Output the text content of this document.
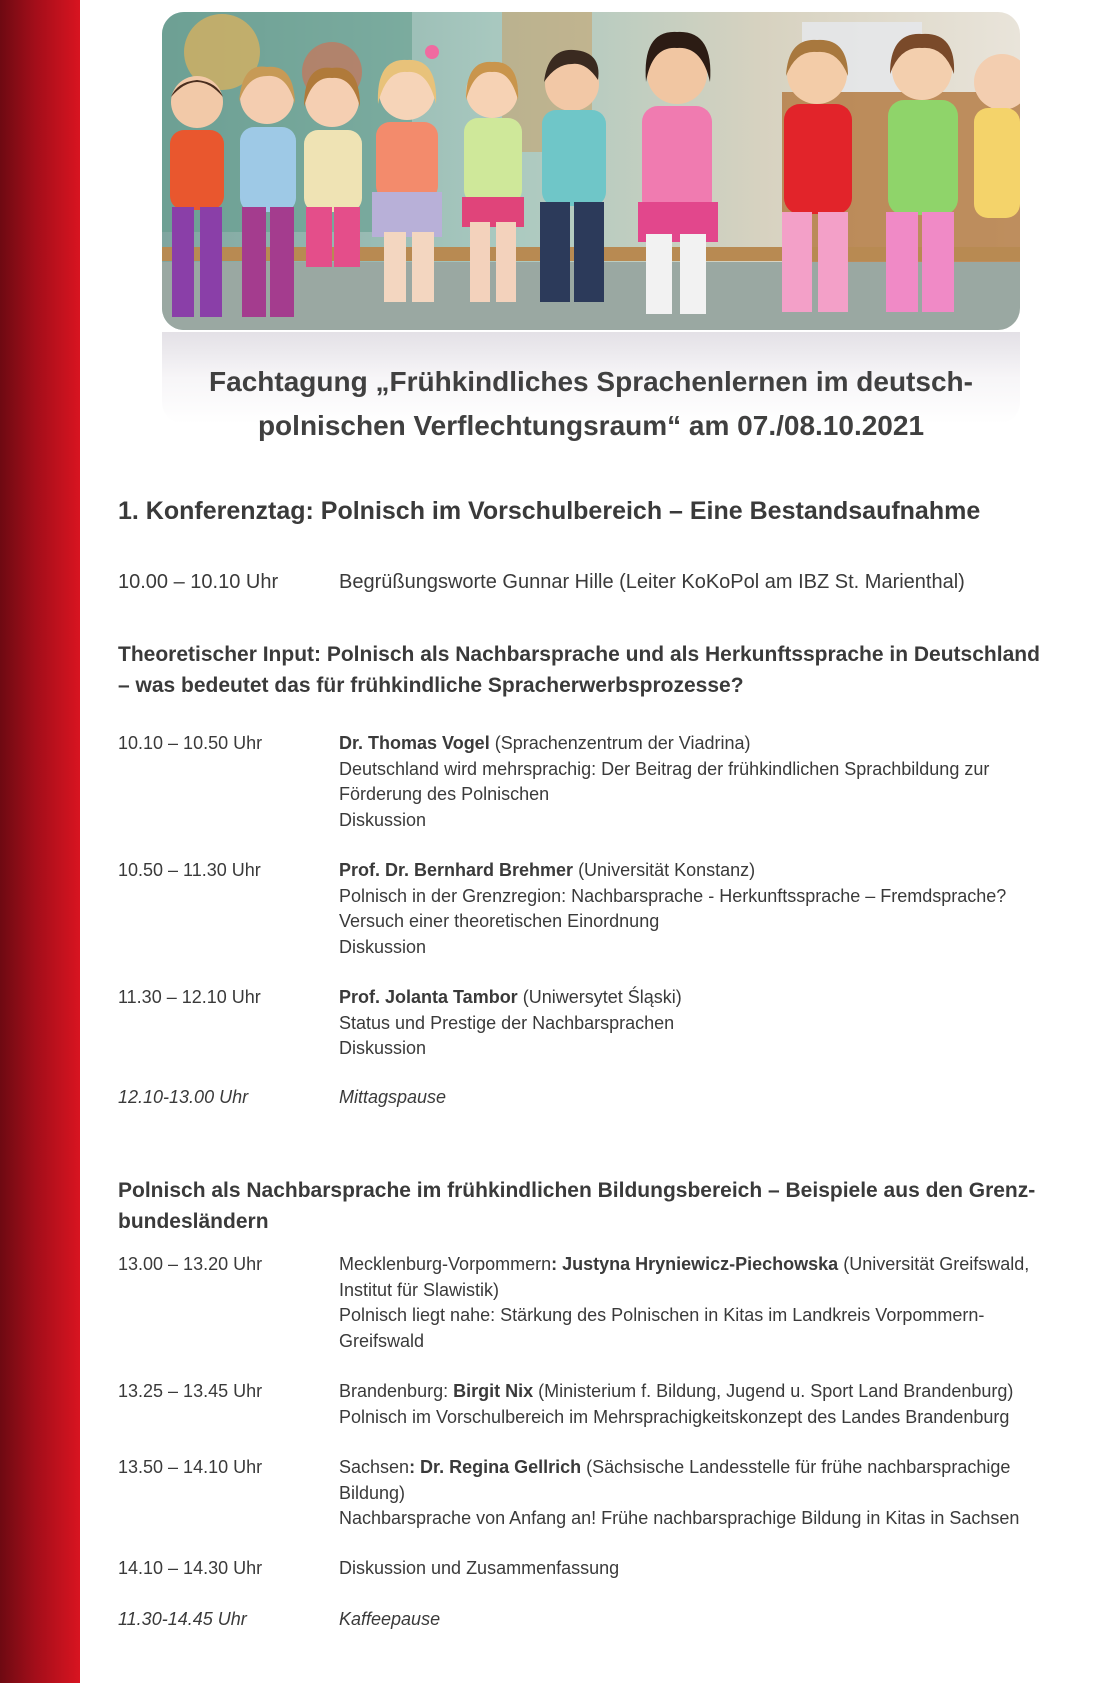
Fachtagung „Frühkindliches Sprachenlernen im deutsch-
polnischen Verflechtungsraum“ am 07./08.10.2021
1. Konferenztag: Polnisch im Vorschulbereich – Eine Bestandsaufnahme
10.00 – 10.10 Uhr	Begrüßungsworte Gunnar Hille (Leiter KoKoPol am IBZ St. Marienthal)
Theoretischer Input: Polnisch als Nachbarsprache und als Herkunftssprache in Deutschland
– was bedeutet das für frühkindliche Spracherwerbsprozesse?
10.10 – 10.50 Uhr	Dr. Thomas Vogel (Sprachenzentrum der Viadrina)
Deutschland wird mehrsprachig: Der Beitrag der frühkindlichen Sprachbildung zur
Förderung des Polnischen
Diskussion
10.50 – 11.30 Uhr	Prof. Dr. Bernhard Brehmer (Universität Konstanz)
Polnisch in der Grenzregion: Nachbarsprache - Herkunftssprache – Fremdsprache?
Versuch einer theoretischen Einordnung
Diskussion
11.30 – 12.10 Uhr	Prof. Jolanta Tambor (Uniwersytet Śląski)
Status und Prestige der Nachbarsprachen
Diskussion
12.10-13.00 Uhr	Mittagspause
Polnisch als Nachbarsprache im frühkindlichen Bildungsbereich – Beispiele aus den Grenz-
bundesländern
13.00 – 13.20 Uhr	Mecklenburg-Vorpommern: Justyna Hryniewicz-Piechowska (Universität Greifswald,
Institut für Slawistik)
Polnisch liegt nahe: Stärkung des Polnischen in Kitas im Landkreis Vorpommern-
Greifswald
13.25 – 13.45 Uhr	Brandenburg: Birgit Nix (Ministerium f. Bildung, Jugend u. Sport Land Brandenburg)
Polnisch im Vorschulbereich im Mehrsprachigkeitskonzept des Landes Brandenburg
13.50 – 14.10 Uhr	Sachsen: Dr. Regina Gellrich (Sächsische Landesstelle für frühe nachbarsprachige
Bildung)
Nachbarsprache von Anfang an! Frühe nachbarsprachige Bildung in Kitas in Sachsen
14.10 – 14.30 Uhr	Diskussion und Zusammenfassung
11.30-14.45 Uhr	Kaffeepause
